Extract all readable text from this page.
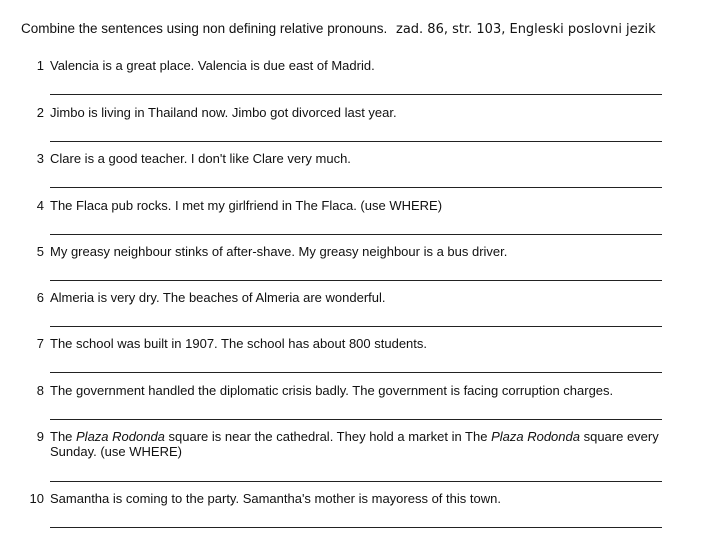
Combine the sentences using non defining relative pronouns. zad. 86, str. 103, Engleski poslovni jezik
1 Valencia is a great place. Valencia is due east of Madrid.
2 Jimbo is living in Thailand now. Jimbo got divorced last year.
3 Clare is a good teacher. I don't like Clare very much.
4 The Flaca pub rocks. I met my girlfriend in The Flaca. (use WHERE)
5 My greasy neighbour stinks of after-shave. My greasy neighbour is a bus driver.
6 Almeria is very dry. The beaches of Almeria are wonderful.
7 The school was built in 1907. The school has about 800 students.
8 The government handled the diplomatic crisis badly. The government is facing corruption charges.
9 The Plaza Rodonda square is near the cathedral. They hold a market in The Plaza Rodonda square every Sunday. (use WHERE)
10 Samantha is coming to the party. Samantha's mother is mayoress of this town.
